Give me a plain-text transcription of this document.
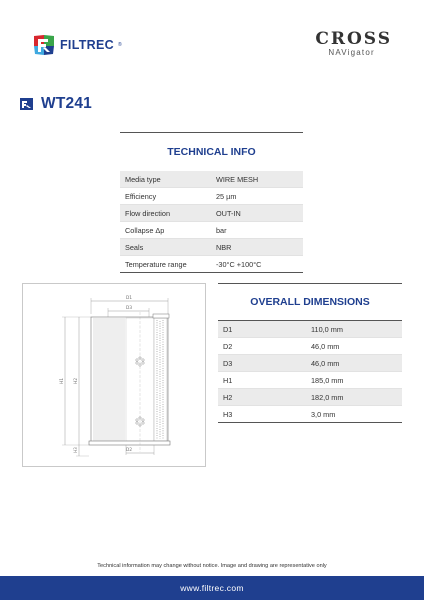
FILTREC ®	CROSS
NAVigator
WT241
TECHNICAL INFO
Media type	WIRE MESH
Efficiency	25 µm
Flow direction	OUT-IN
Collapse Δp	bar
Seals	NBR
Temperature range	-30°C +100°C
D1
D3
H1 H2
H3	D2
OVERALL DIMENSIONS
D1	110,0 mm
D2	46,0 mm
D3	46,0 mm
H1	185,0 mm
H2	182,0 mm
H3	3,0 mm
Technical information may change without notice. Image and drawing are representative only
www.filtrec.com
